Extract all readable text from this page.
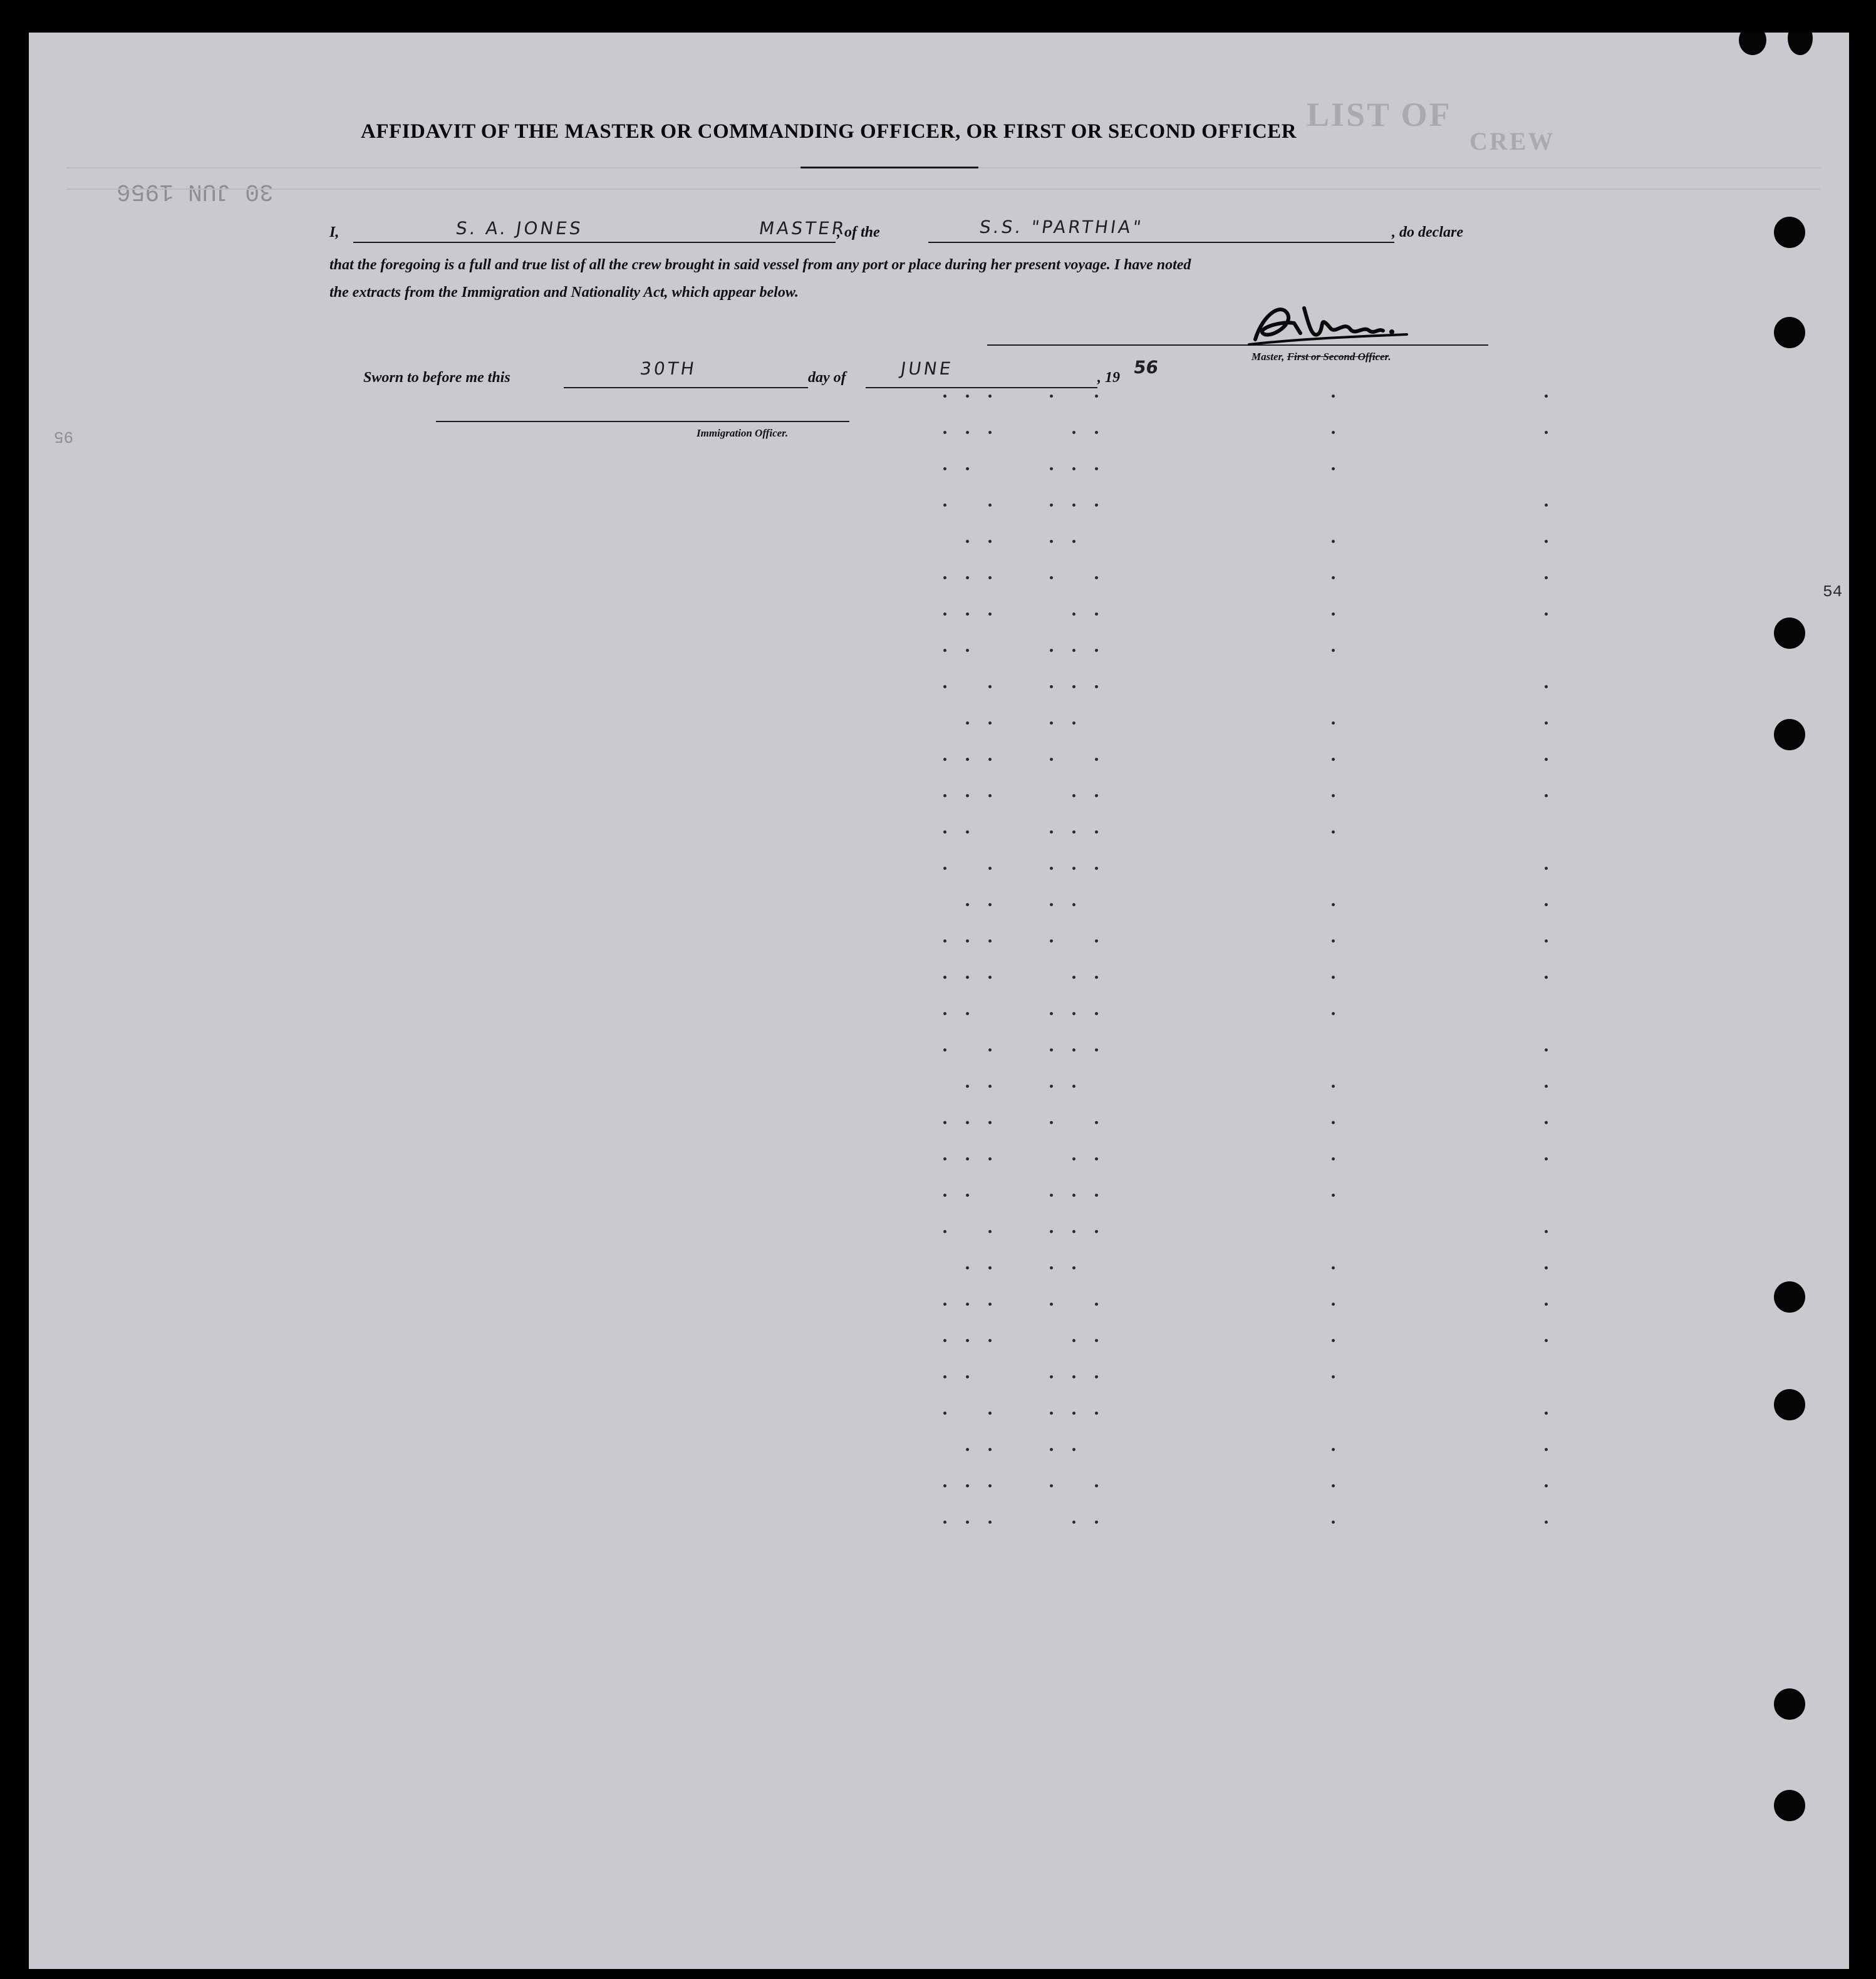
LIST OF
CREW
30 JUN 1956
54
95
AFFIDAVIT OF THE MASTER OR COMMANDING OFFICER, OR FIRST OR SECOND OFFICER
I,	S. A. JONES	MASTER
, of the	S.S. "PARTHIA"	, do declare
that the foregoing is a full and true list of all the crew brought in said vessel from any port or place during her present voyage. I have noted
the extracts from the Immigration and Nationality Act, which appear below.
Master, First or Second Officer.
Sworn to before me this	30TH	day of	JUNE	, 19 56
Immigration Officer.
